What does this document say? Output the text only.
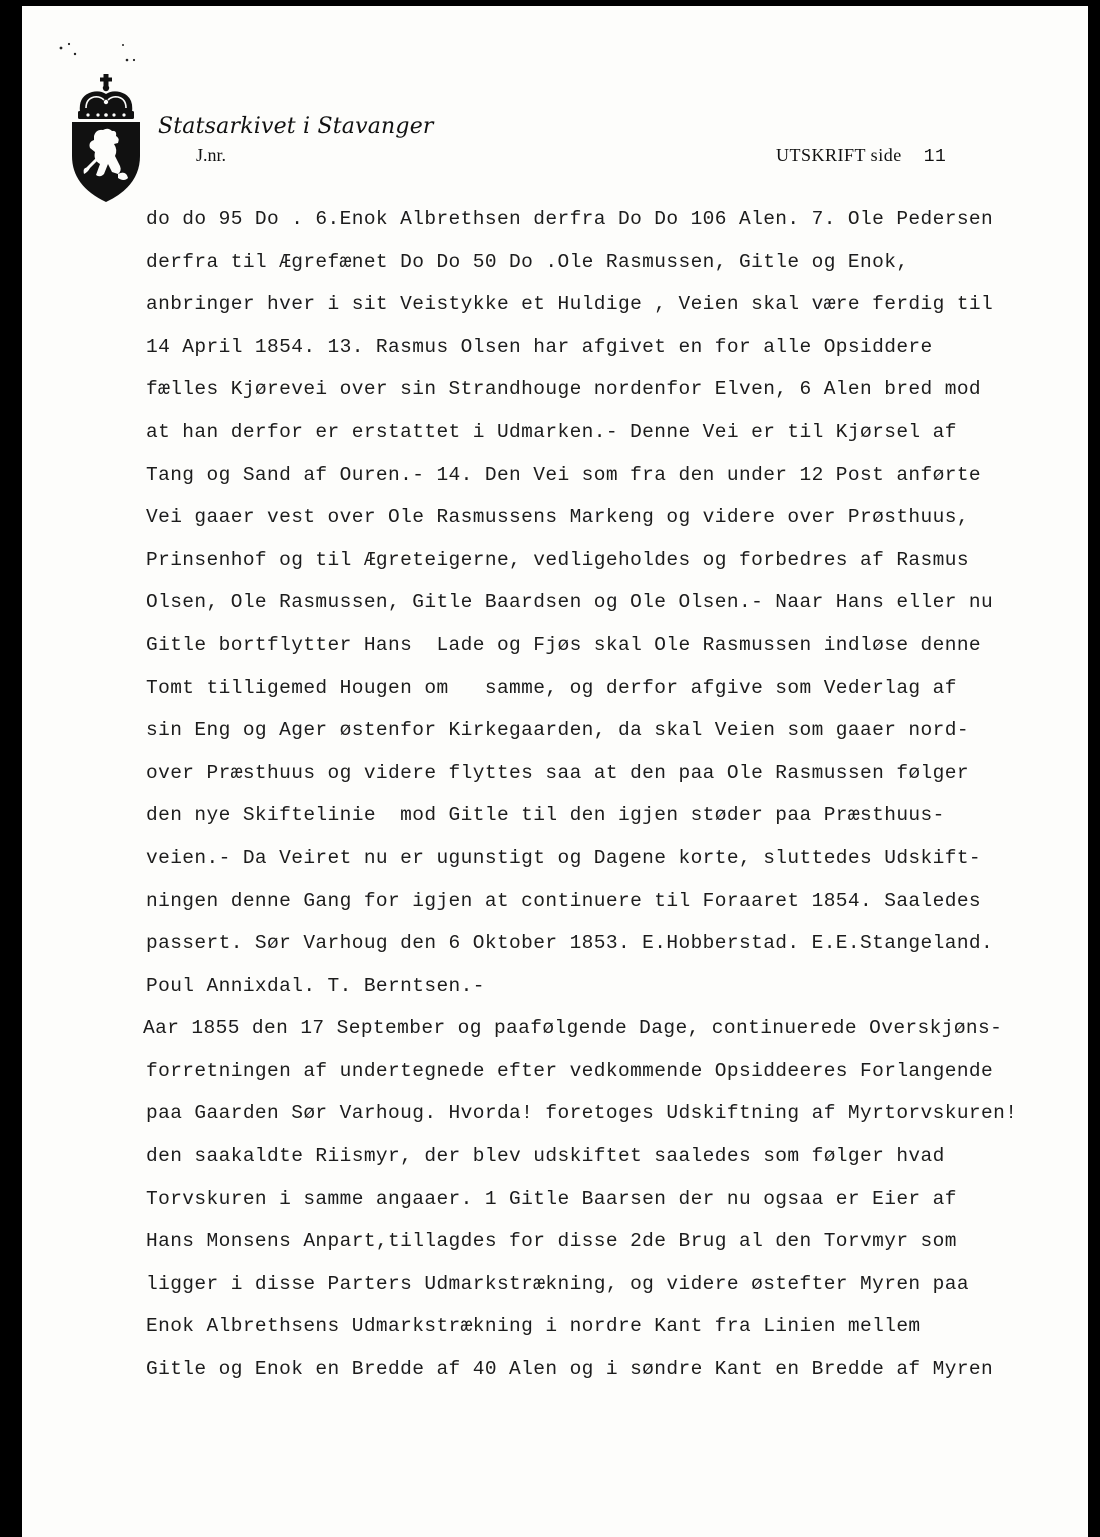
Statsarkivet i Stavanger
J.nr.	UTSKRIFT side 11
do do 95 Do . 6.Enok Albrethsen derfra Do Do 106 Alen. 7. Ole Pedersen
derfra til Ægrefænet Do Do 50 Do .Ole Rasmussen, Gitle og Enok,
anbringer hver i sit Veistykke et Huldige , Veien skal være ferdig til
14 April 1854. 13. Rasmus Olsen har afgivet en for alle Opsiddere
fælles Kjørevei over sin Strandhouge nordenfor Elven, 6 Alen bred mod
at han derfor er erstattet i Udmarken.- Denne Vei er til Kjørsel af
Tang og Sand af Ouren.- 14. Den Vei som fra den under 12 Post anførte
Vei gaaer vest over Ole Rasmussens Markeng og videre over Prøsthuus,
Prinsenhof og til Ægreteigerne, vedligeholdes og forbedres af Rasmus
Olsen, Ole Rasmussen, Gitle Baardsen og Ole Olsen.- Naar Hans eller nu
Gitle bortflytter Hans  Lade og Fjøs skal Ole Rasmussen indløse denne
Tomt tilligemed Hougen om   samme, og derfor afgive som Vederlag af
sin Eng og Ager østenfor Kirkegaarden, da skal Veien som gaaer nord-
over Præsthuus og videre flyttes saa at den paa Ole Rasmussen følger
den nye Skiftelinie  mod Gitle til den igjen støder paa Præsthuus-
veien.- Da Veiret nu er ugunstigt og Dagene korte, sluttedes Udskift-
ningen denne Gang for igjen at continuere til Foraaret 1854. Saaledes
passert. Sør Varhoug den 6 Oktober 1853. E.Hobberstad. E.E.Stangeland.
Poul Annixdal. T. Berntsen.-
Aar 1855 den 17 September og paafølgende Dage, continuerede Overskjøns-
forretningen af undertegnede efter vedkommende Opsiddeeres Forlangende
paa Gaarden Sør Varhoug. Hvorda! foretoges Udskiftning af Myrtorvskuren!
den saakaldte Riismyr, der blev udskiftet saaledes som følger hvad
Torvskuren i samme angaaer. 1 Gitle Baarsen der nu ogsaa er Eier af
Hans Monsens Anpart,tillagdes for disse 2de Brug al den Torvmyr som
ligger i disse Parters Udmarkstrækning, og videre østefter Myren paa
Enok Albrethsens Udmarkstrækning i nordre Kant fra Linien mellem
Gitle og Enok en Bredde af 40 Alen og i søndre Kant en Bredde af Myren
